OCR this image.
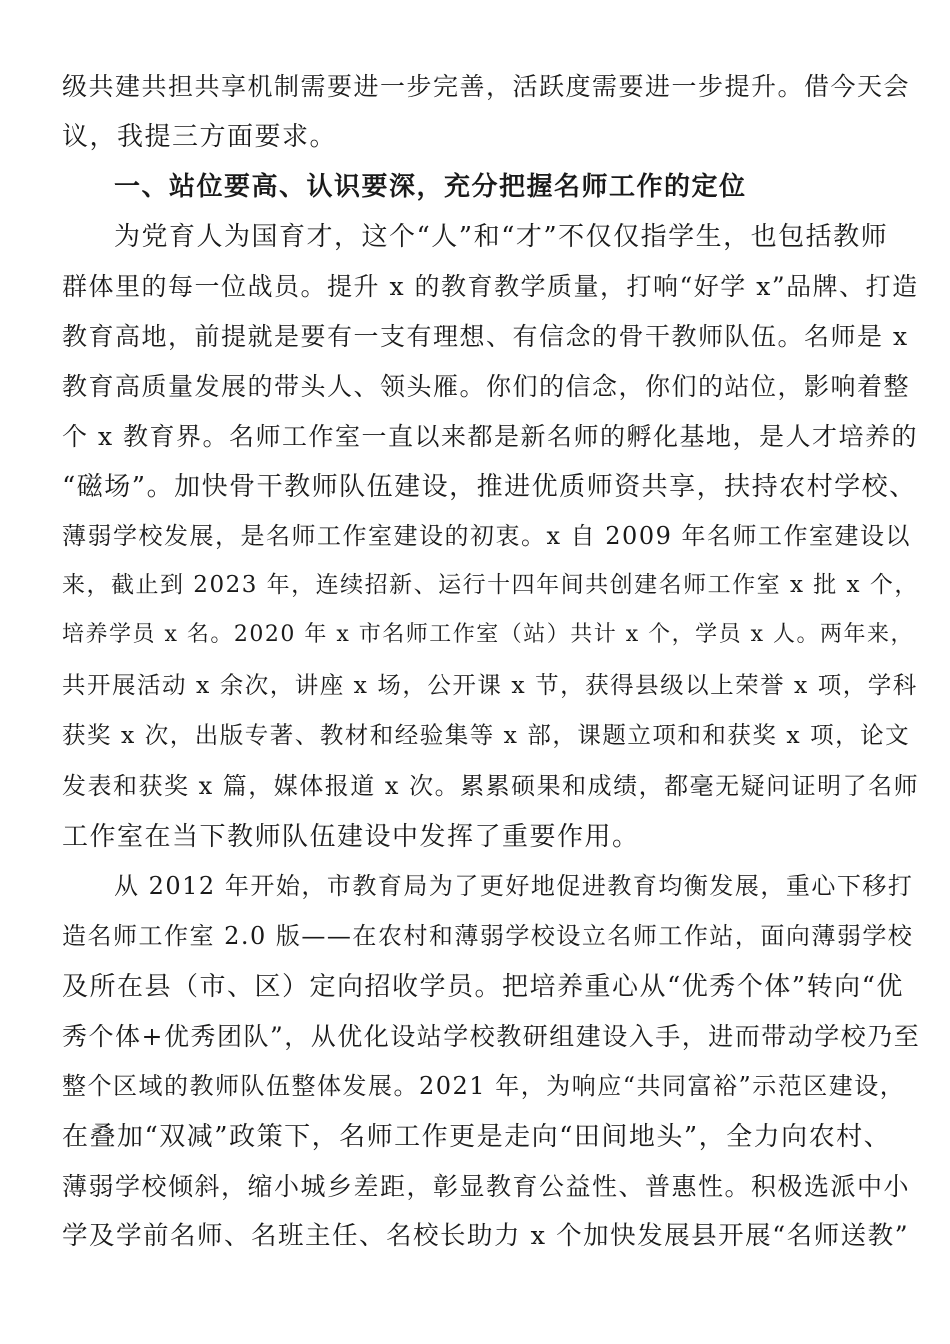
级共建共担共享机制需要进一步完善，活跃度需要进一步提升。借今天会
议，我提三方面要求。
一、站位要高、认识要深，充分把握名师工作的定位
为党育人为国育才，这个“人”和“才”不仅仅指学生，也包括教师
群体里的每一位战员。提升 x 的教育教学质量，打响“好学 x”品牌、打造
教育高地，前提就是要有一支有理想、有信念的骨干教师队伍。名师是 x
教育高质量发展的带头人、领头雁。你们的信念，你们的站位，影响着整
个 x 教育界。名师工作室一直以来都是新名师的孵化基地，是人才培养的
“磁场”。加快骨干教师队伍建设，推进优质师资共享，扶持农村学校、
薄弱学校发展，是名师工作室建设的初衷。x 自 2009 年名师工作室建设以
来，截止到 2023 年，连续招新、运行十四年间共创建名师工作室 x 批 x 个，
培养学员 x 名。2020 年 x 市名师工作室（站）共计 x 个，学员 x 人。两年来，
共开展活动 x 余次，讲座 x 场，公开课 x 节，获得县级以上荣誉 x 项，学科
获奖 x 次，出版专著、教材和经验集等 x 部，课题立项和和获奖 x 项，论文
发表和获奖 x 篇，媒体报道 x 次。累累硕果和成绩，都毫无疑问证明了名师
工作室在当下教师队伍建设中发挥了重要作用。
从 2012 年开始，市教育局为了更好地促进教育均衡发展，重心下移打
造名师工作室 2.0 版——在农村和薄弱学校设立名师工作站，面向薄弱学校
及所在县（市、区）定向招收学员。把培养重心从“优秀个体”转向“优
秀个体+优秀团队”，从优化设站学校教研组建设入手，进而带动学校乃至
整个区域的教师队伍整体发展。2021 年，为响应“共同富裕”示范区建设，
在叠加“双减”政策下，名师工作更是走向“田间地头”，全力向农村、
薄弱学校倾斜，缩小城乡差距，彰显教育公益性、普惠性。积极选派中小
学及学前名师、名班主任、名校长助力 x 个加快发展县开展“名师送教”
